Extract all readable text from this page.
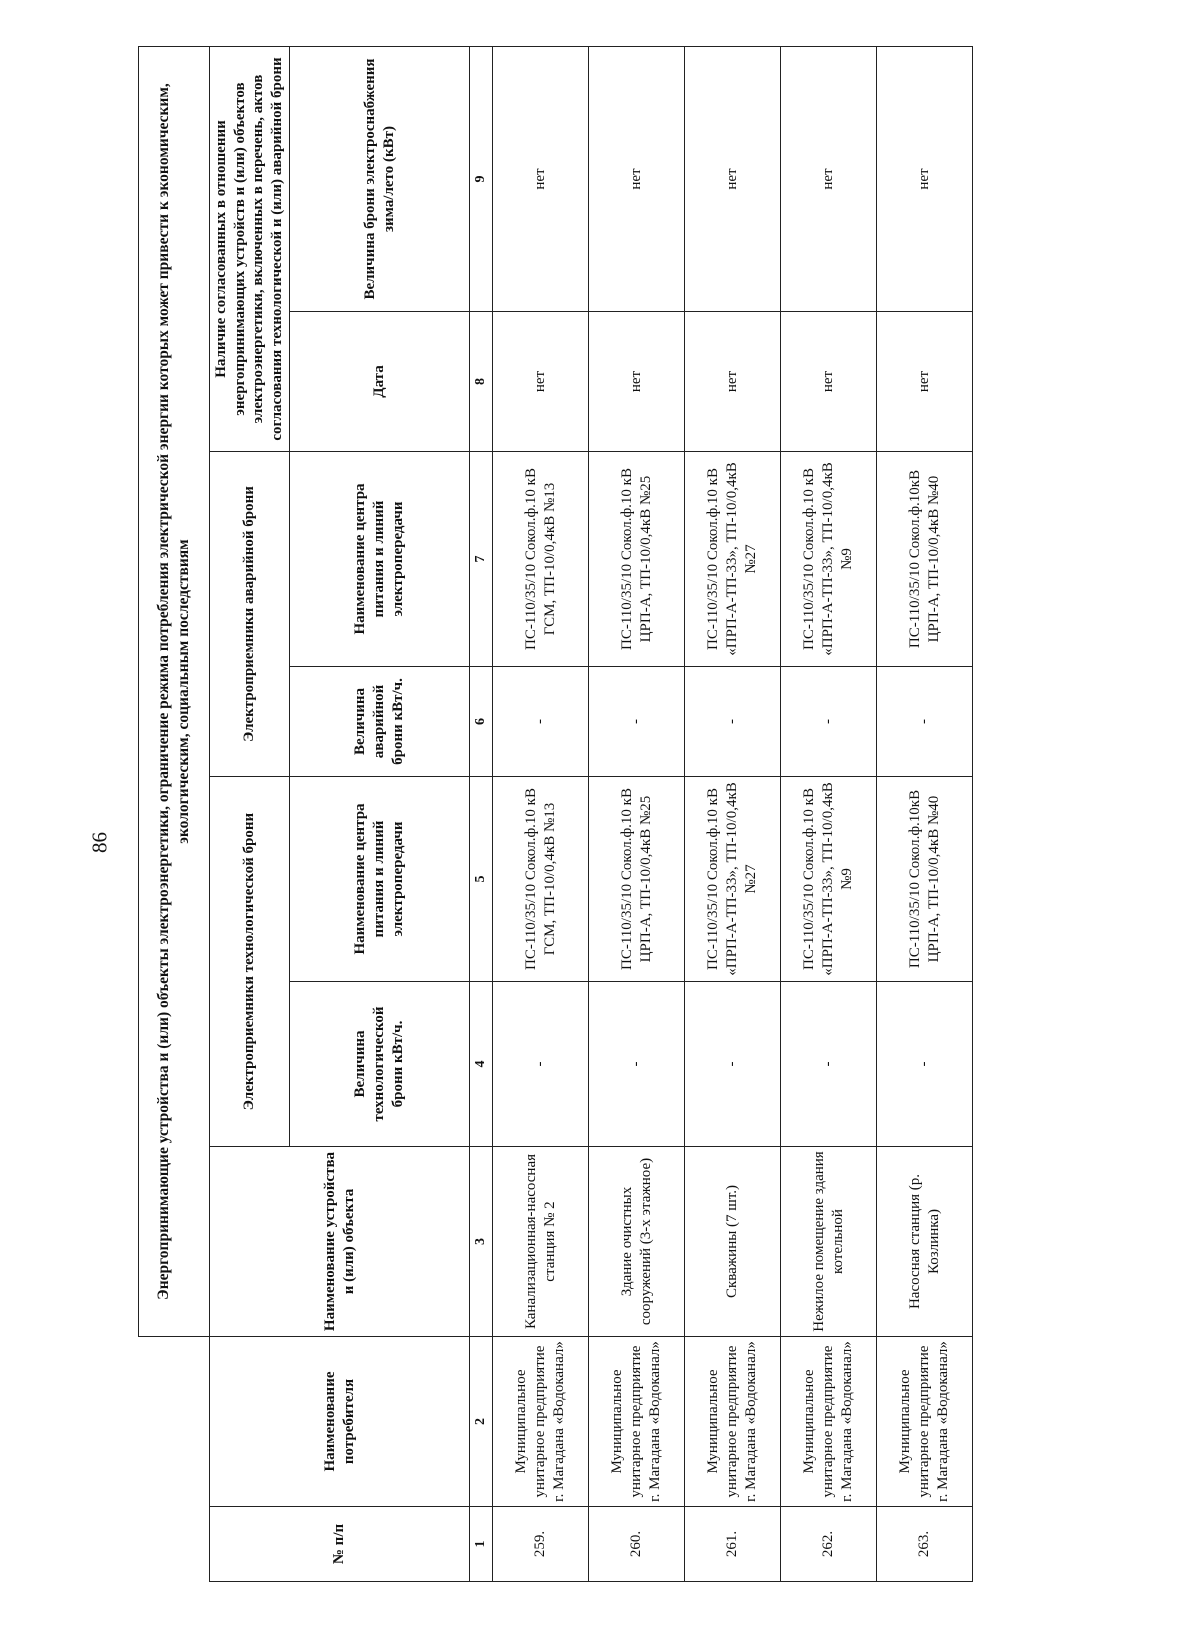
86
		Энергопринимающие устройства и (или) объекты электроэнергетики, ограничение режима потребления электрической энергии которых может привести к экономическим, экологическим, социальным последствиям						
№ п/п	Наименование потребителя	Наименование устройства и (или) объекта	Электроприемники технологической брони		Электроприемники аварийной брони		Наличие согласованных в отношении энергопринимающих устройств и (или) объектов электроэнергетики, включенных в перечень, актов согласования технологической и (или) аварийной брони	
			Величина технологической брони кВт/ч.	Наименование центра питания и линий электропередачи	Величина аварийной брони кВт/ч.	Наименование центра питания и линий электропередачи	Дата	Величина брони электроснабжения зима/лето (кВт)
1	2	3	4	5	6	7	8	9
259.	Муниципальное унитарное предприятие г. Магадана «Водоканал»	Канализационная-насосная станция № 2	-	ПС-110/35/10 Сокол.ф.10 кВ ГСМ, ТП-10/0,4кВ №13	-	ПС-110/35/10 Сокол.ф.10 кВ ГСМ, ТП-10/0,4кВ №13	нет	нет
260.	Муниципальное унитарное предприятие г. Магадана «Водоканал»	Здание очистных сооружений (3-х этажное)	-	ПС-110/35/10 Сокол.ф.10 кВ ЦРП-А, ТП-10/0,4кВ №25	-	ПС-110/35/10 Сокол.ф.10 кВ ЦРП-А, ТП-10/0,4кВ №25	нет	нет
261.	Муниципальное унитарное предприятие г. Магадана «Водоканал»	Скважины (7 шт.)	-	ПС-110/35/10 Сокол.ф.10 кВ «ПРП-А-ТП-33», ТП-10/0,4кВ №27	-	ПС-110/35/10 Сокол.ф.10 кВ «ПРП-А-ТП-33», ТП-10/0,4кВ №27	нет	нет
262.	Муниципальное унитарное предприятие г. Магадана «Водоканал»	Нежилое помещение здания котельной	-	ПС-110/35/10 Сокол.ф.10 кВ «ПРП-А-ТП-33», ТП-10/0,4кВ №9	-	ПС-110/35/10 Сокол.ф.10 кВ «ПРП-А-ТП-33», ТП-10/0,4кВ №9	нет	нет
263.	Муниципальное унитарное предприятие г. Магадана «Водоканал»	Насосная станция (р. Козлинка)	-	ПС-110/35/10 Сокол.ф.10кВ ЦРП-А, ТП-10/0,4кВ №40	-	ПС-110/35/10 Сокол.ф.10кВ ЦРП-А, ТП-10/0,4кВ №40	нет	нет
